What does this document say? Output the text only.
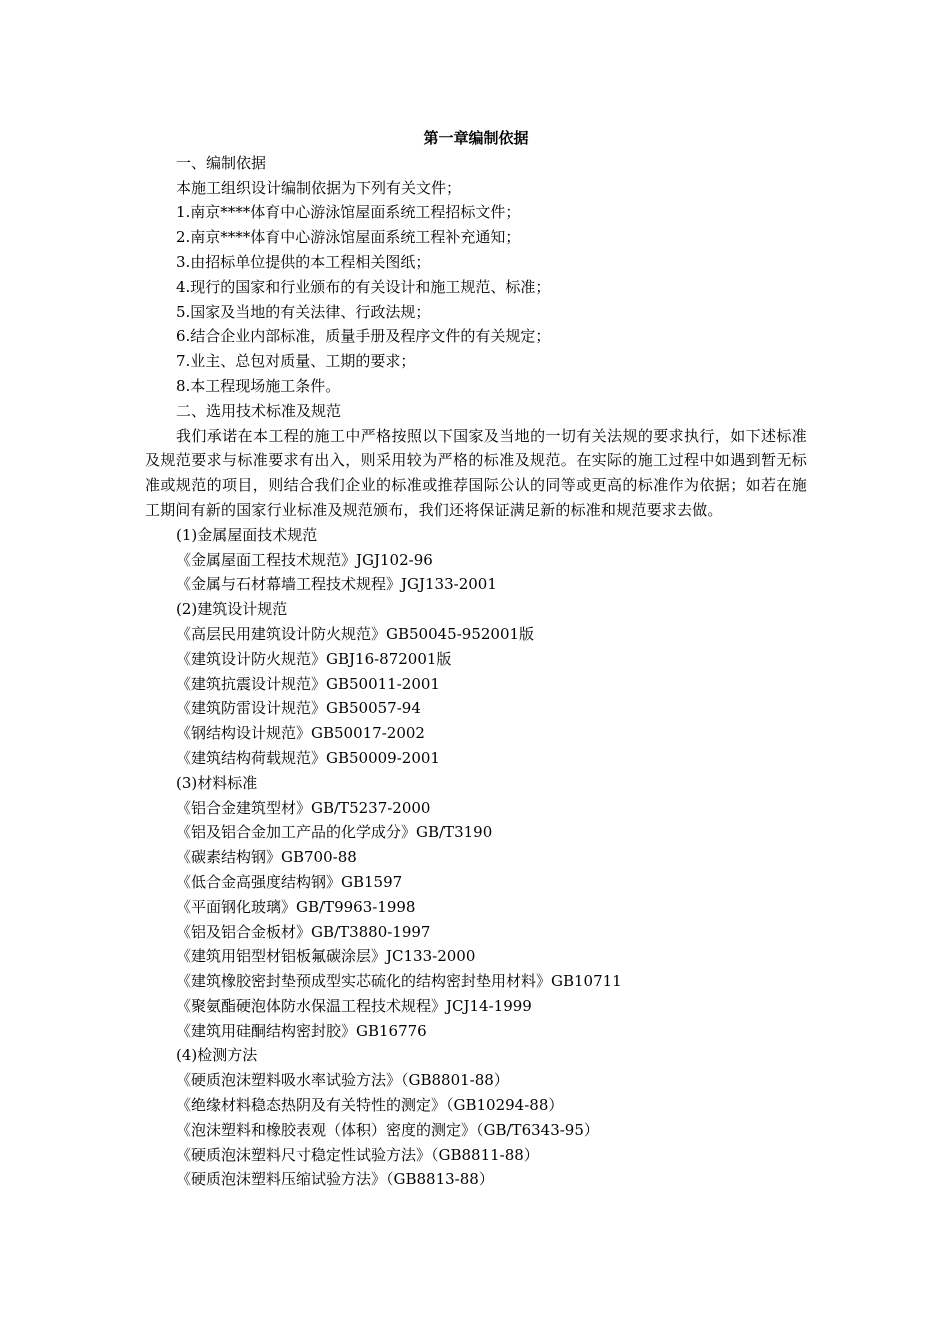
第一章编制依据

一、编制依据

本施工组织设计编制依据为下列有关文件；

1.南京****体育中心游泳馆屋面系统工程招标文件；

2.南京****体育中心游泳馆屋面系统工程补充通知；

3.由招标单位提供的本工程相关图纸；

4.现行的国家和行业颁布的有关设计和施工规范、标准；

5.国家及当地的有关法律、行政法规；

6.结合企业内部标准，质量手册及程序文件的有关规定；

7.业主、总包对质量、工期的要求；

8.本工程现场施工条件。

二、选用技术标准及规范

我们承诺在本工程的施工中严格按照以下国家及当地的一切有关法规的要求执行，如下述标准及规范要求与标准要求有出入，则采用较为严格的标准及规范。在实际的施工过程中如遇到暂无标准或规范的项目，则结合我们企业的标准或推荐国际公认的同等或更高的标准作为依据；如若在施工期间有新的国家行业标准及规范颁布，我们还将保证满足新的标准和规范要求去做。

(1)金属屋面技术规范

《金属屋面工程技术规范》JGJ102-96

《金属与石材幕墙工程技术规程》JGJ133-2001

(2)建筑设计规范

《高层民用建筑设计防火规范》GB50045-952001版

《建筑设计防火规范》GBJ16-872001版

《建筑抗震设计规范》GB50011-2001

《建筑防雷设计规范》GB50057-94

《钢结构设计规范》GB50017-2002

《建筑结构荷载规范》GB50009-2001

(3)材料标准

《铝合金建筑型材》GB/T5237-2000

《铝及铝合金加工产品的化学成分》GB/T3190

《碳素结构钢》GB700-88

《低合金高强度结构钢》GB1597

《平面钢化玻璃》GB/T9963-1998

《铝及铝合金板材》GB/T3880-1997

《建筑用铝型材铝板氟碳涂层》JC133-2000

《建筑橡胶密封垫预成型实芯硫化的结构密封垫用材料》GB10711

《聚氨酯硬泡体防水保温工程技术规程》JCJ14-1999

《建筑用硅酮结构密封胶》GB16776

(4)检测方法

《硬质泡沫塑料吸水率试验方法》（GB8801-88）

《绝缘材料稳态热阴及有关特性的测定》（GB10294-88）

《泡沫塑料和橡胶表观（体积）密度的测定》（GB/T6343-95）

《硬质泡沫塑料尺寸稳定性试验方法》（GB8811-88）

《硬质泡沫塑料压缩试验方法》（GB8813-88）
